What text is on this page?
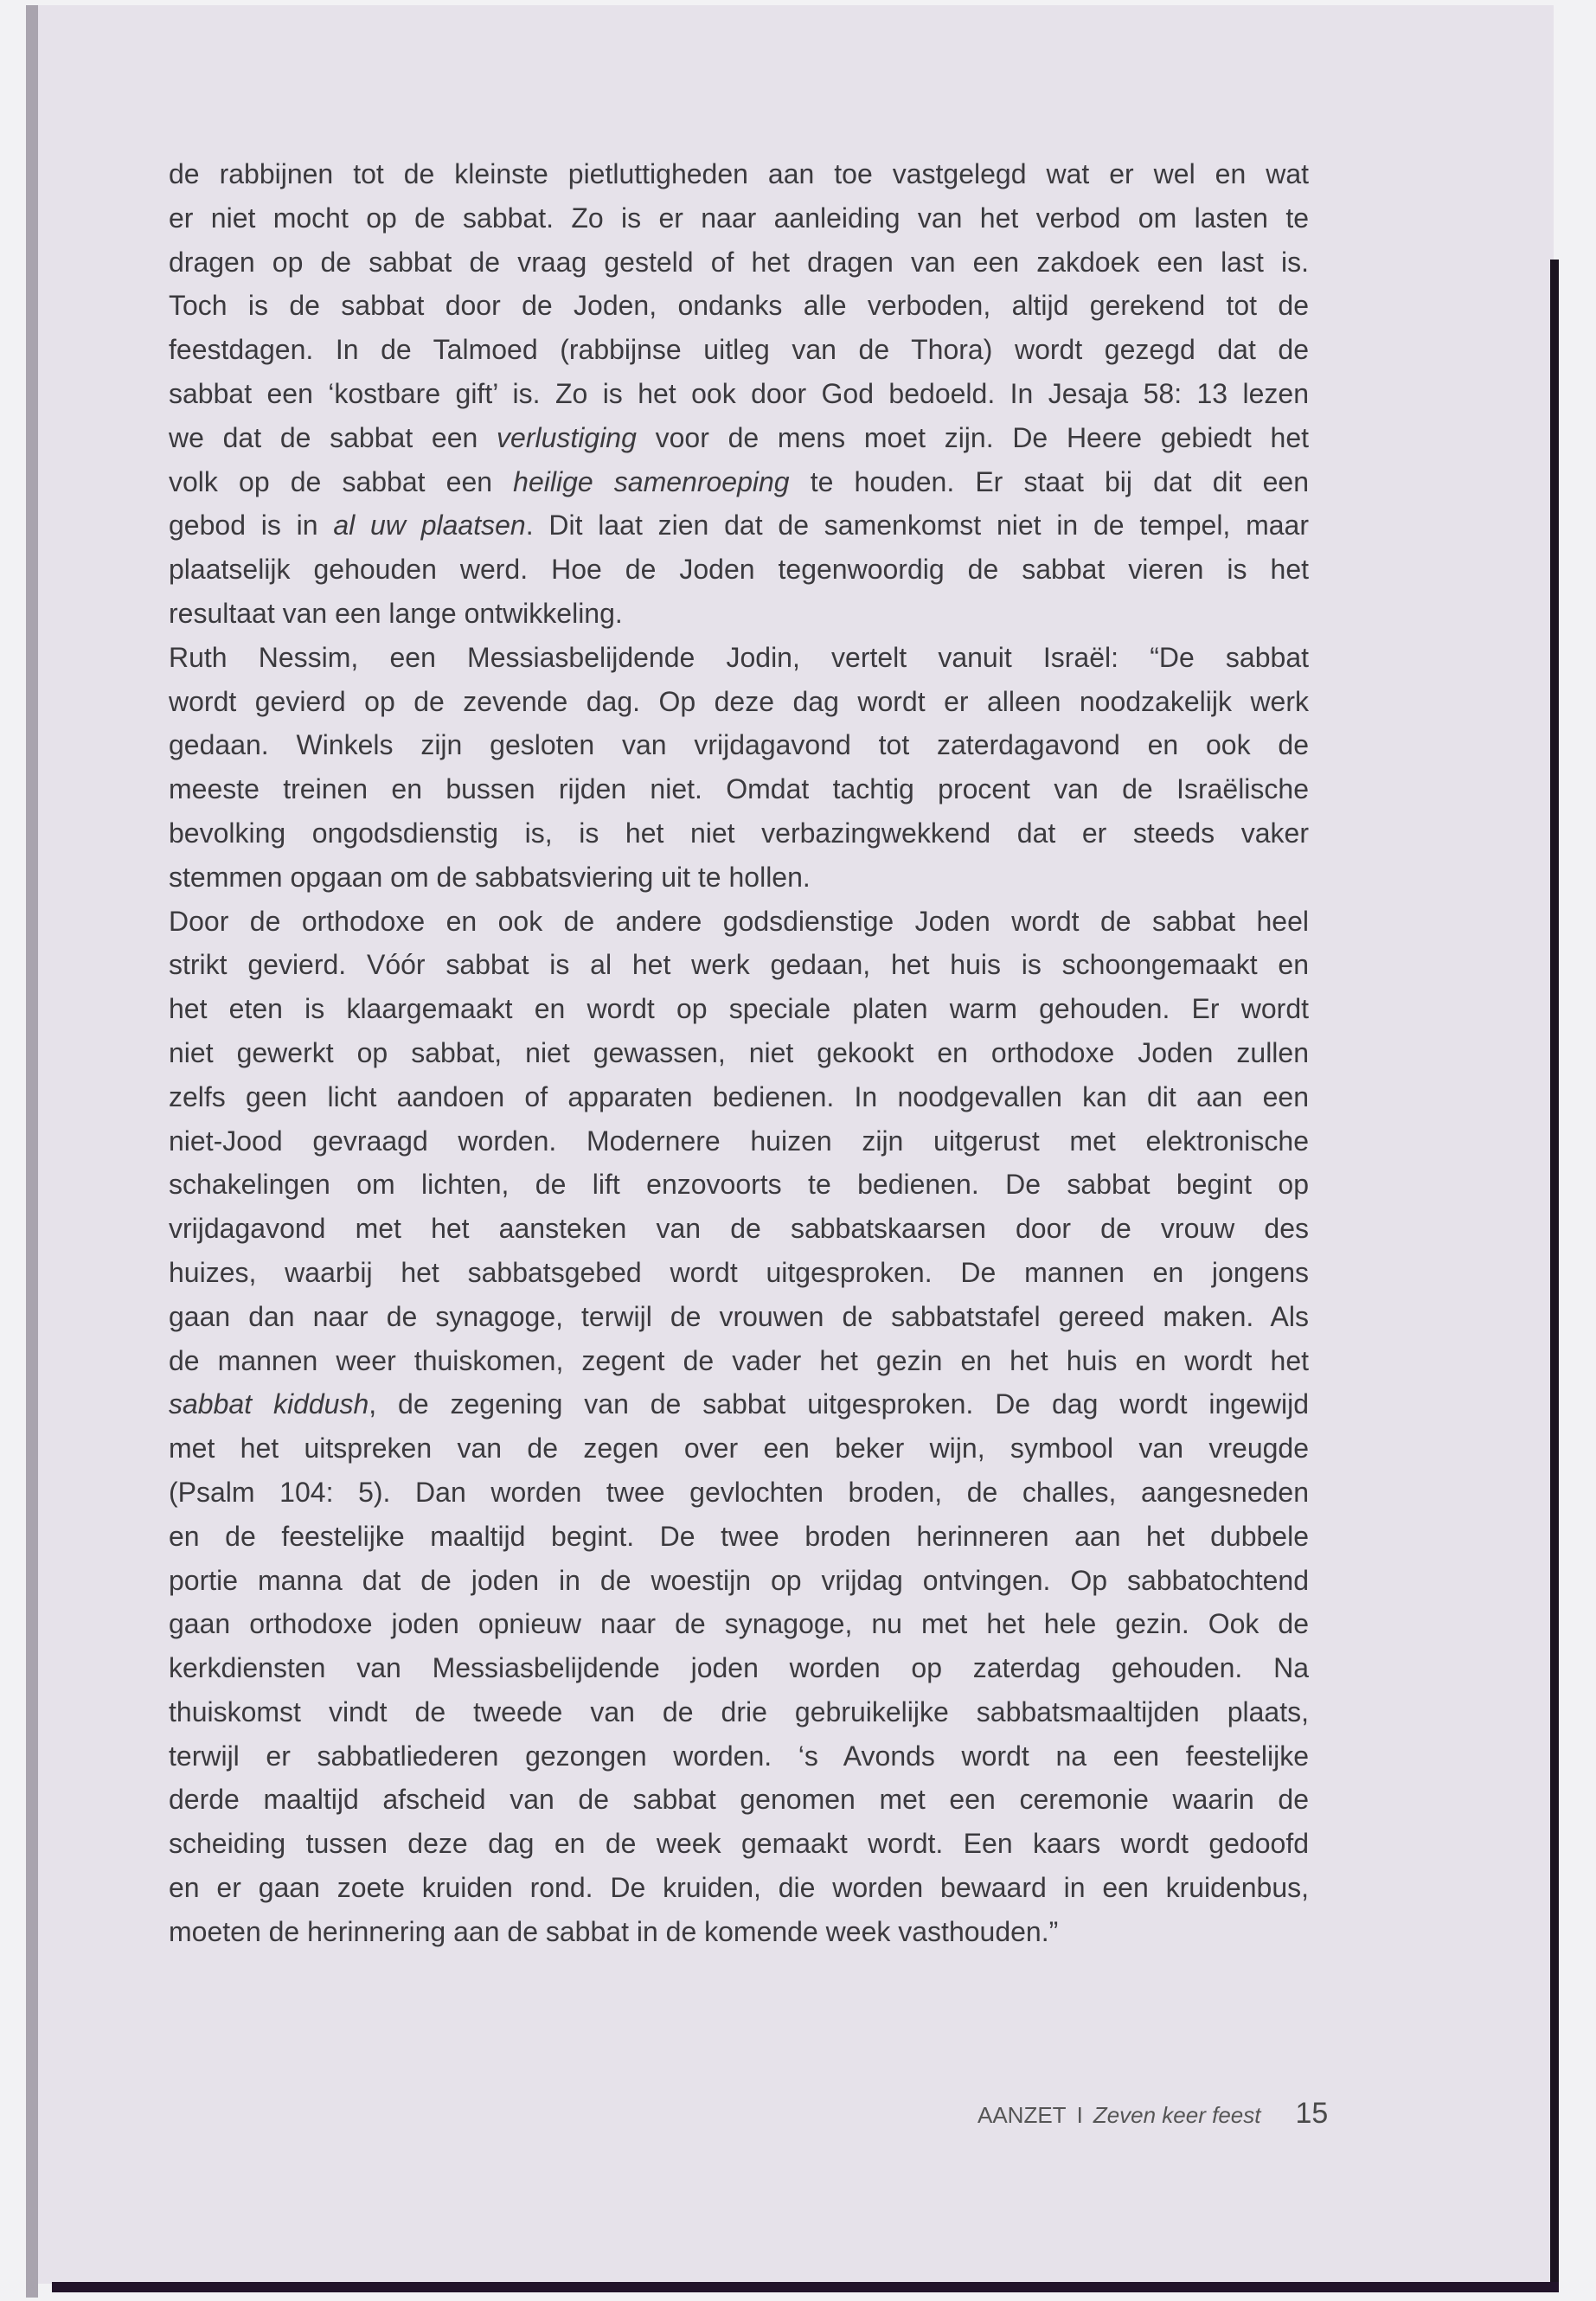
de rabbijnen tot de kleinste pietluttigheden aan toe vastgelegd wat er wel en wat
er niet mocht op de sabbat. Zo is er naar aanleiding van het verbod om lasten te
dragen op de sabbat de vraag gesteld of het dragen van een zakdoek een last is.
Toch is de sabbat door de Joden, ondanks alle verboden, altijd gerekend tot de
feestdagen. In de Talmoed (rabbijnse uitleg van de Thora) wordt gezegd dat de
sabbat een ‘kostbare gift’ is. Zo is het ook door God bedoeld. In Jesaja 58: 13 lezen
we dat de sabbat een verlustiging voor de mens moet zijn. De Heere gebiedt het
volk op de sabbat een heilige samenroeping te houden. Er staat bij dat dit een
gebod is in al uw plaatsen. Dit laat zien dat de samenkomst niet in de tempel, maar
plaatselijk gehouden werd. Hoe de Joden tegenwoordig de sabbat vieren is het
resultaat van een lange ontwikkeling.
Ruth Nessim, een Messiasbelijdende Jodin, vertelt vanuit Israël: “De sabbat
wordt gevierd op de zevende dag. Op deze dag wordt er alleen noodzakelijk werk
gedaan. Winkels zijn gesloten van vrijdagavond tot zaterdagavond en ook de
meeste treinen en bussen rijden niet. Omdat tachtig procent van de Israëlische
bevolking ongodsdienstig is, is het niet verbazingwekkend dat er steeds vaker
stemmen opgaan om de sabbatsviering uit te hollen.
Door de orthodoxe en ook de andere godsdienstige Joden wordt de sabbat heel
strikt gevierd. Vóór sabbat is al het werk gedaan, het huis is schoongemaakt en
het eten is klaargemaakt en wordt op speciale platen warm gehouden. Er wordt
niet gewerkt op sabbat, niet gewassen, niet gekookt en orthodoxe Joden zullen
zelfs geen licht aandoen of apparaten bedienen. In noodgevallen kan dit aan een
niet-Jood gevraagd worden. Modernere huizen zijn uitgerust met elektronische
schakelingen om lichten, de lift enzovoorts te bedienen. De sabbat begint op
vrijdagavond met het aansteken van de sabbatskaarsen door de vrouw des
huizes, waarbij het sabbatsgebed wordt uitgesproken. De mannen en jongens
gaan dan naar de synagoge, terwijl de vrouwen de sabbatstafel gereed maken. Als
de mannen weer thuiskomen, zegent de vader het gezin en het huis en wordt het
sabbat kiddush, de zegening van de sabbat uitgesproken. De dag wordt ingewijd
met het uitspreken van de zegen over een beker wijn, symbool van vreugde
(Psalm 104: 5). Dan worden twee gevlochten broden, de challes, aangesneden
en de feestelijke maaltijd begint. De twee broden herinneren aan het dubbele
portie manna dat de joden in de woestijn op vrijdag ontvingen. Op sabbatochtend
gaan orthodoxe joden opnieuw naar de synagoge, nu met het hele gezin. Ook de
kerkdiensten van Messiasbelijdende joden worden op zaterdag gehouden. Na
thuiskomst vindt de tweede van de drie gebruikelijke sabbatsmaaltijden plaats,
terwijl er sabbatliederen gezongen worden. ‘s Avonds wordt na een feestelijke
derde maaltijd afscheid van de sabbat genomen met een ceremonie waarin de
scheiding tussen deze dag en de week gemaakt wordt. Een kaars wordt gedoofd
en er gaan zoete kruiden rond. De kruiden, die worden bewaard in een kruidenbus,
moeten de herinnering aan de sabbat in de komende week vasthouden.”
AANZET I Zeven keer feest 15
